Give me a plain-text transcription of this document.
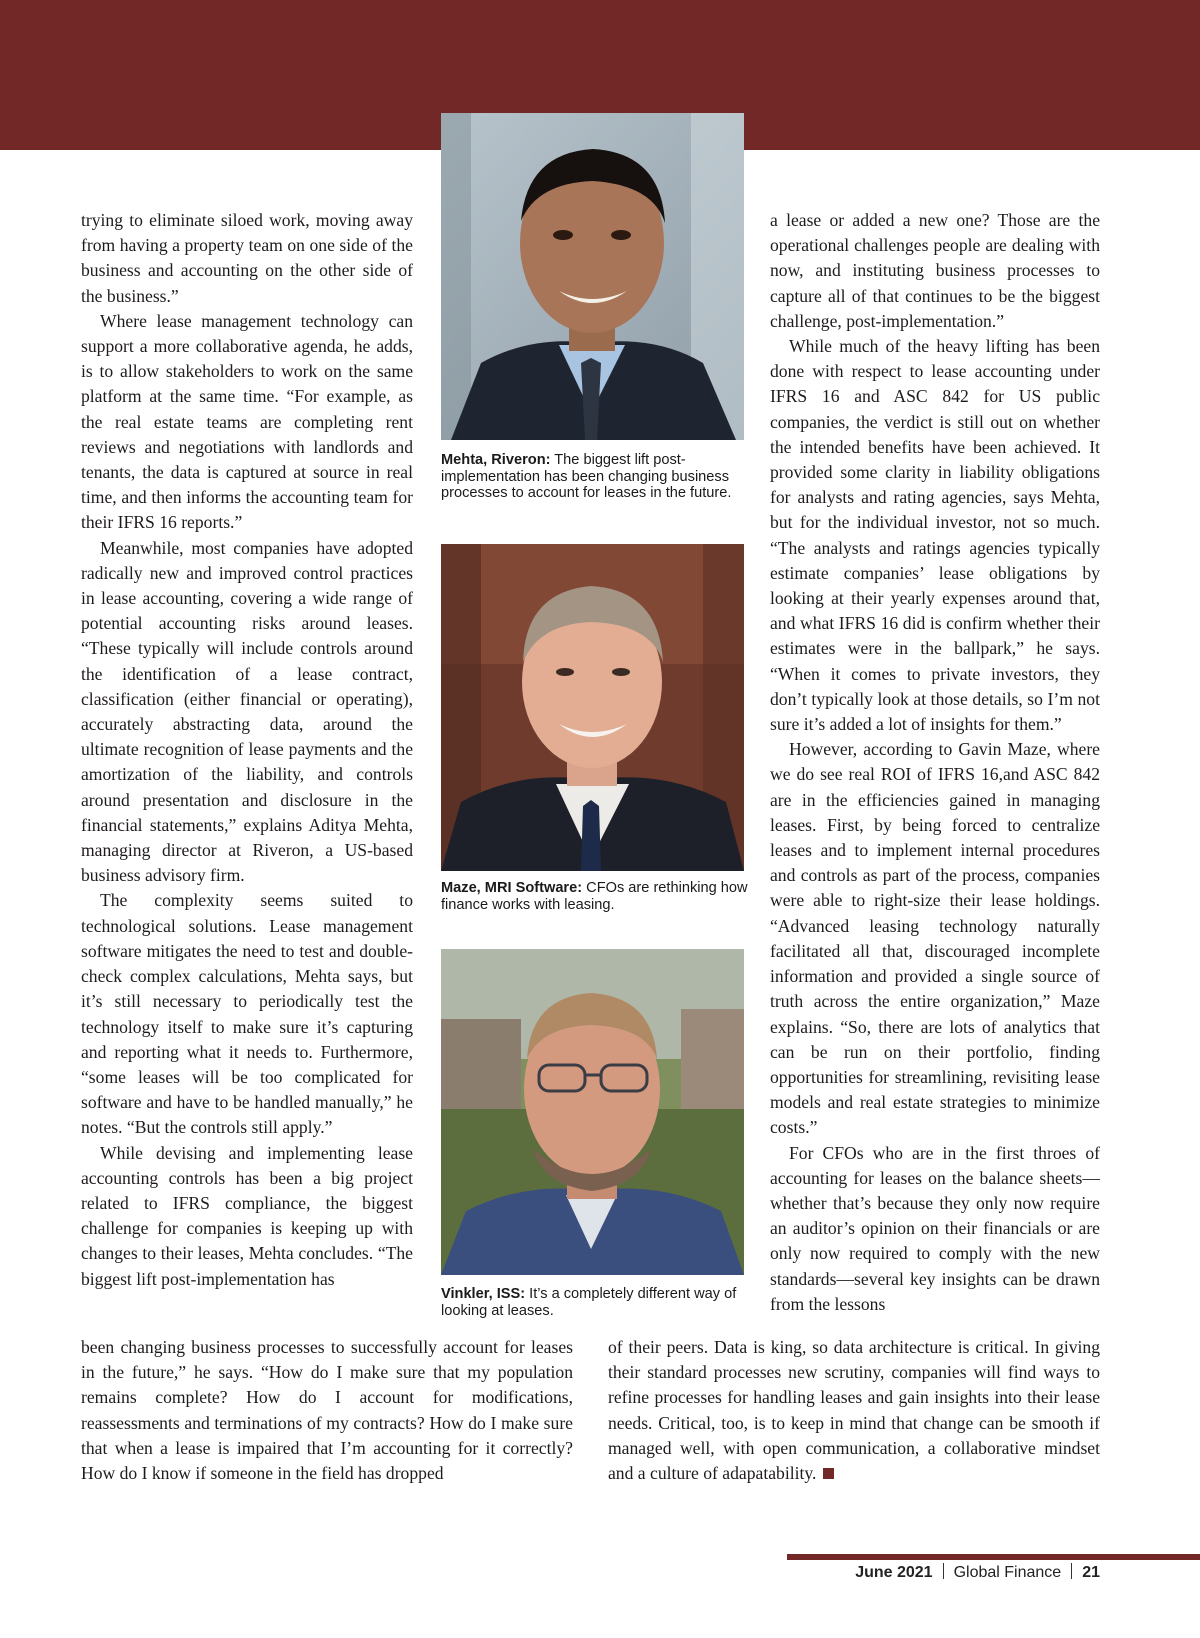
trying to eliminate siloed work, moving away from having a property team on one side of the business and accounting on the other side of the business.”

Where lease management technology can support a more collaborative agenda, he adds, is to allow stakeholders to work on the same platform at the same time. “For example, as the real estate teams are completing rent reviews and negotiations with landlords and tenants, the data is captured at source in real time, and then informs the accounting team for their IFRS 16 reports.”

Meanwhile, most companies have adopted radically new and improved control practices in lease accounting, covering a wide range of potential accounting risks around leases. “These typically will include controls around the identification of a lease contract, classification (either financial or operating), accurately abstracting data, around the ultimate recognition of lease payments and the amortization of the liability, and controls around presentation and disclosure in the financial statements,” explains Aditya Mehta, managing director at Riveron, a US-based business advisory firm.

The complexity seems suited to technological solutions. Lease management software mitigates the need to test and double-check complex calculations, Mehta says, but it’s still necessary to periodically test the technology itself to make sure it’s capturing and reporting what it needs to. Furthermore, “some leases will be too complicated for software and have to be handled manually,” he notes. “But the controls still apply.”

While devising and implementing lease accounting controls has been a big project related to IFRS compliance, the biggest challenge for companies is keeping up with changes to their leases, Mehta concludes. “The biggest lift post-implementation has

been changing business processes to successfully account for leases in the future,” he says. “How do I make sure that my population remains complete? How do I account for modifications, reassessments and terminations of my contracts? How do I make sure that when a lease is impaired that I’m accounting for it correctly? How do I know if someone in the field has dropped

a lease or added a new one? Those are the operational challenges people are dealing with now, and instituting business processes to capture all of that continues to be the biggest challenge, post-implementation.”

While much of the heavy lifting has been done with respect to lease accounting under IFRS 16 and ASC 842 for US public companies, the verdict is still out on whether the intended benefits have been achieved. It provided some clarity in liability obligations for analysts and rating agencies, says Mehta, but for the individual investor, not so much. “The analysts and ratings agencies typically estimate companies’ lease obligations by looking at their yearly expenses around that, and what IFRS 16 did is confirm whether their estimates were in the ballpark,” he says. “When it comes to private investors, they don’t typically look at those details, so I’m not sure it’s added a lot of insights for them.”

However, according to Gavin Maze, where we do see real ROI of IFRS 16,and ASC 842 are in the efficiencies gained in managing leases. First, by being forced to centralize leases and to implement internal procedures and controls as part of the process, companies were able to right-size their lease holdings. “Advanced leasing technology naturally facilitated all that, discouraged incomplete information and provided a single source of truth across the entire organization,” Maze explains. “So, there are lots of analytics that can be run on their portfolio, finding opportunities for streamlining, revisiting lease models and real estate strategies to minimize costs.”

For CFOs who are in the first throes of accounting for leases on the balance sheets—whether that’s because they only now require an auditor’s opinion on their financials or are only now required to comply with the new standards—several key insights can be drawn from the lessons

of their peers. Data is king, so data architecture is critical. In giving their standard processes new scrutiny, companies will find ways to refine processes for handling leases and gain insights into their lease needs. Critical, too, is to keep in mind that change can be smooth if managed well, with open communication, a collaborative mindset and a culture of adapatability.

Mehta, Riveron: The biggest lift post-implementation has been changing business processes to account for leases in the future.
Maze, MRI Software: CFOs are rethinking how finance works with leasing.
Vinkler, ISS: It’s a completely different way of looking at leases.
June 2021 Global Finance 21
